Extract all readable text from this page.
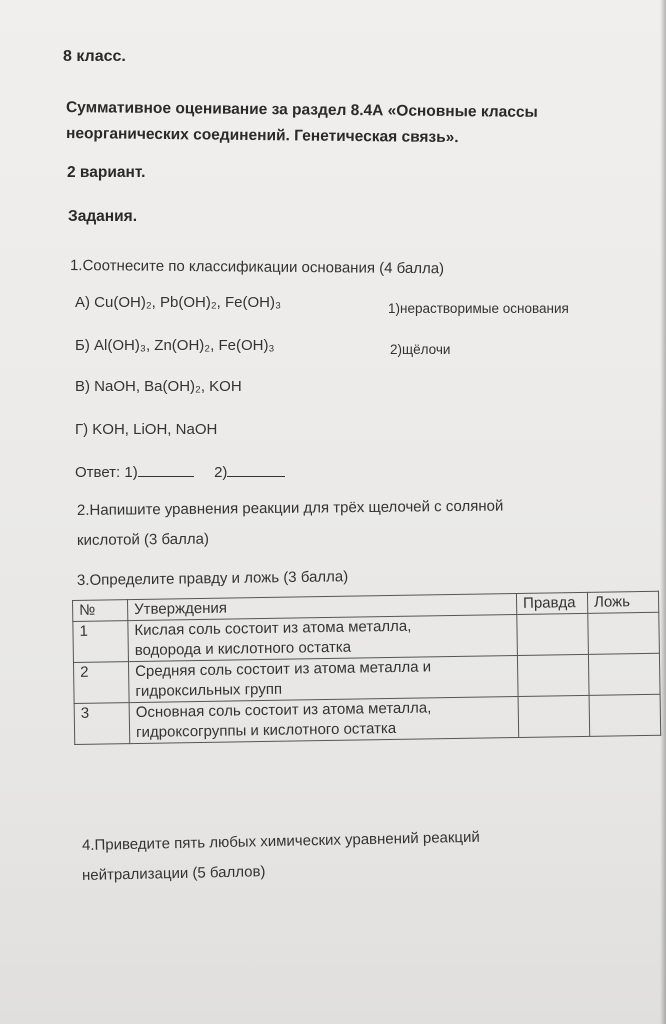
8 класс.
Суммативное оценивание за раздел 8.4А «Основные классы
неорганических соединений. Генетическая связь».
2 вариант.
Задания.
1.Соотнесите по классификации основания (4 балла)
А) Cu(OH)₂, Pb(OH)₂, Fe(OH)₃	1)нерастворимые основания
Б) Al(OH)₃, Zn(OH)₂, Fe(OH)₃	2)щёлочи
В) NaOH, Ba(OH)₂, KOH
Г) KOH, LiOH, NaOH
Ответ: 1)	2)
2.Напишите уравнения реакции для трёх щелочей с соляной
кислотой (3 балла)
3.Определите правду и ложь (3 балла)
№	Утверждения	Правда	Ложь
1	Кислая соль состоит из атома металла,
водорода и кислотного остатка		

2	Средняя соль состоит из атома металла и
гидроксильных групп		

3	Основная соль состоит из атома металла,
гидроксогруппы и кислотного остатка		

4.Приведите пять любых химических уравнений реакций
нейтрализации (5 баллов)
